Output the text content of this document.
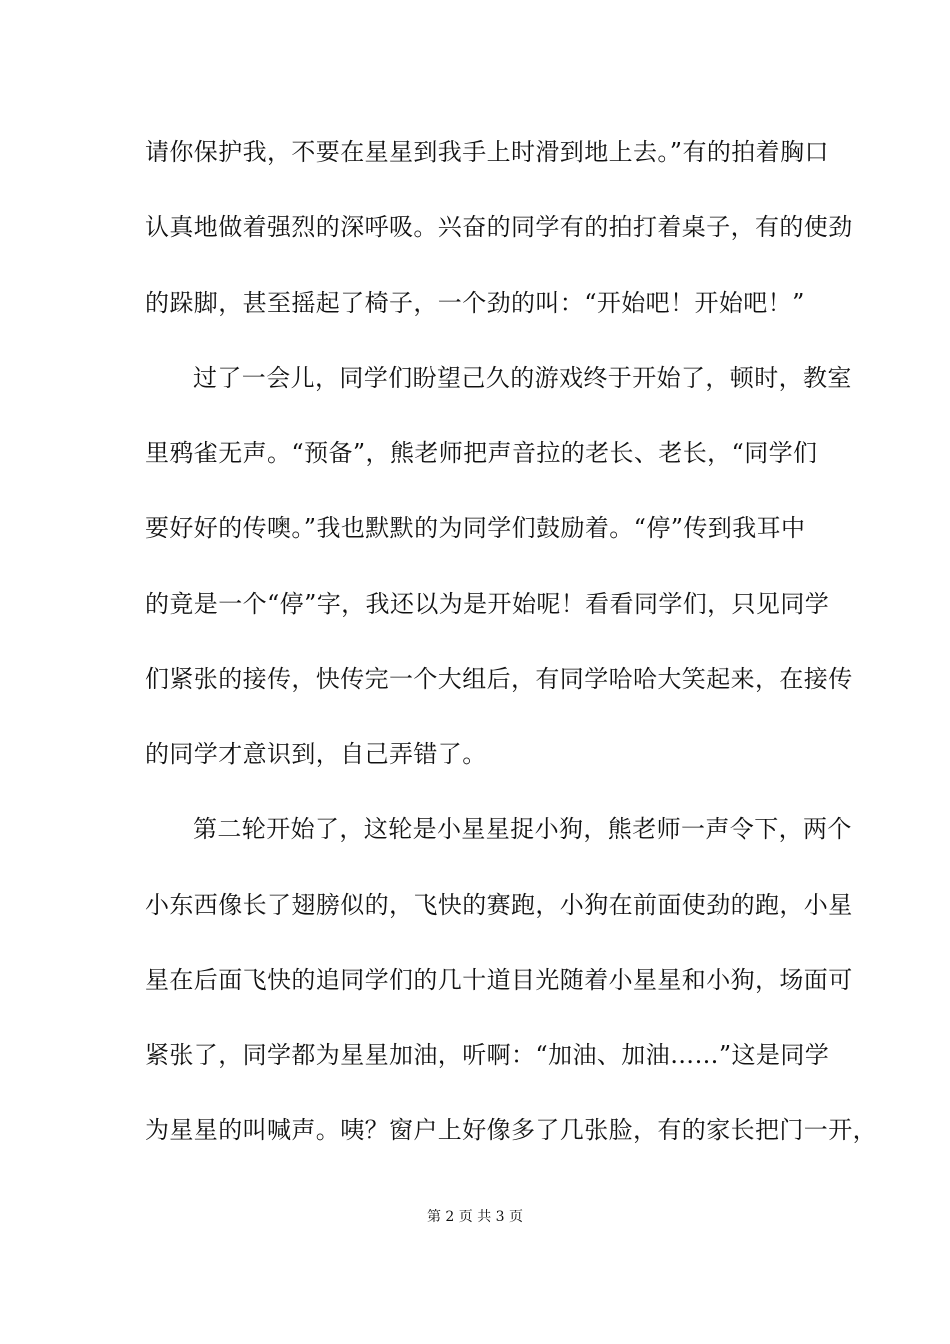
请你保护我，不要在星星到我手上时滑到地上去。”有的拍着胸口
认真地做着强烈的深呼吸。兴奋的同学有的拍打着桌子，有的使劲
的跺脚，甚至摇起了椅子，一个劲的叫：“开始吧！开始吧！”
过了一会儿，同学们盼望己久的游戏终于开始了，顿时，教室
里鸦雀无声。“预备”，熊老师把声音拉的老长、老长，“同学们
要好好的传噢。”我也默默的为同学们鼓励着。“停”传到我耳中
的竟是一个“停”字，我还以为是开始呢！看看同学们，只见同学
们紧张的接传，快传完一个大组后，有同学哈哈大笑起来，在接传
的同学才意识到，自己弄错了。
第二轮开始了，这轮是小星星捉小狗，熊老师一声令下，两个
小东西像长了翅膀似的，飞快的赛跑，小狗在前面使劲的跑，小星
星在后面飞快的追同学们的几十道目光随着小星星和小狗，场面可
紧张了，同学都为星星加油，听啊：“加油、加油……”这是同学
为星星的叫喊声。咦？窗户上好像多了几张脸，有的家长把门一开，
第 2 页 共 3 页
